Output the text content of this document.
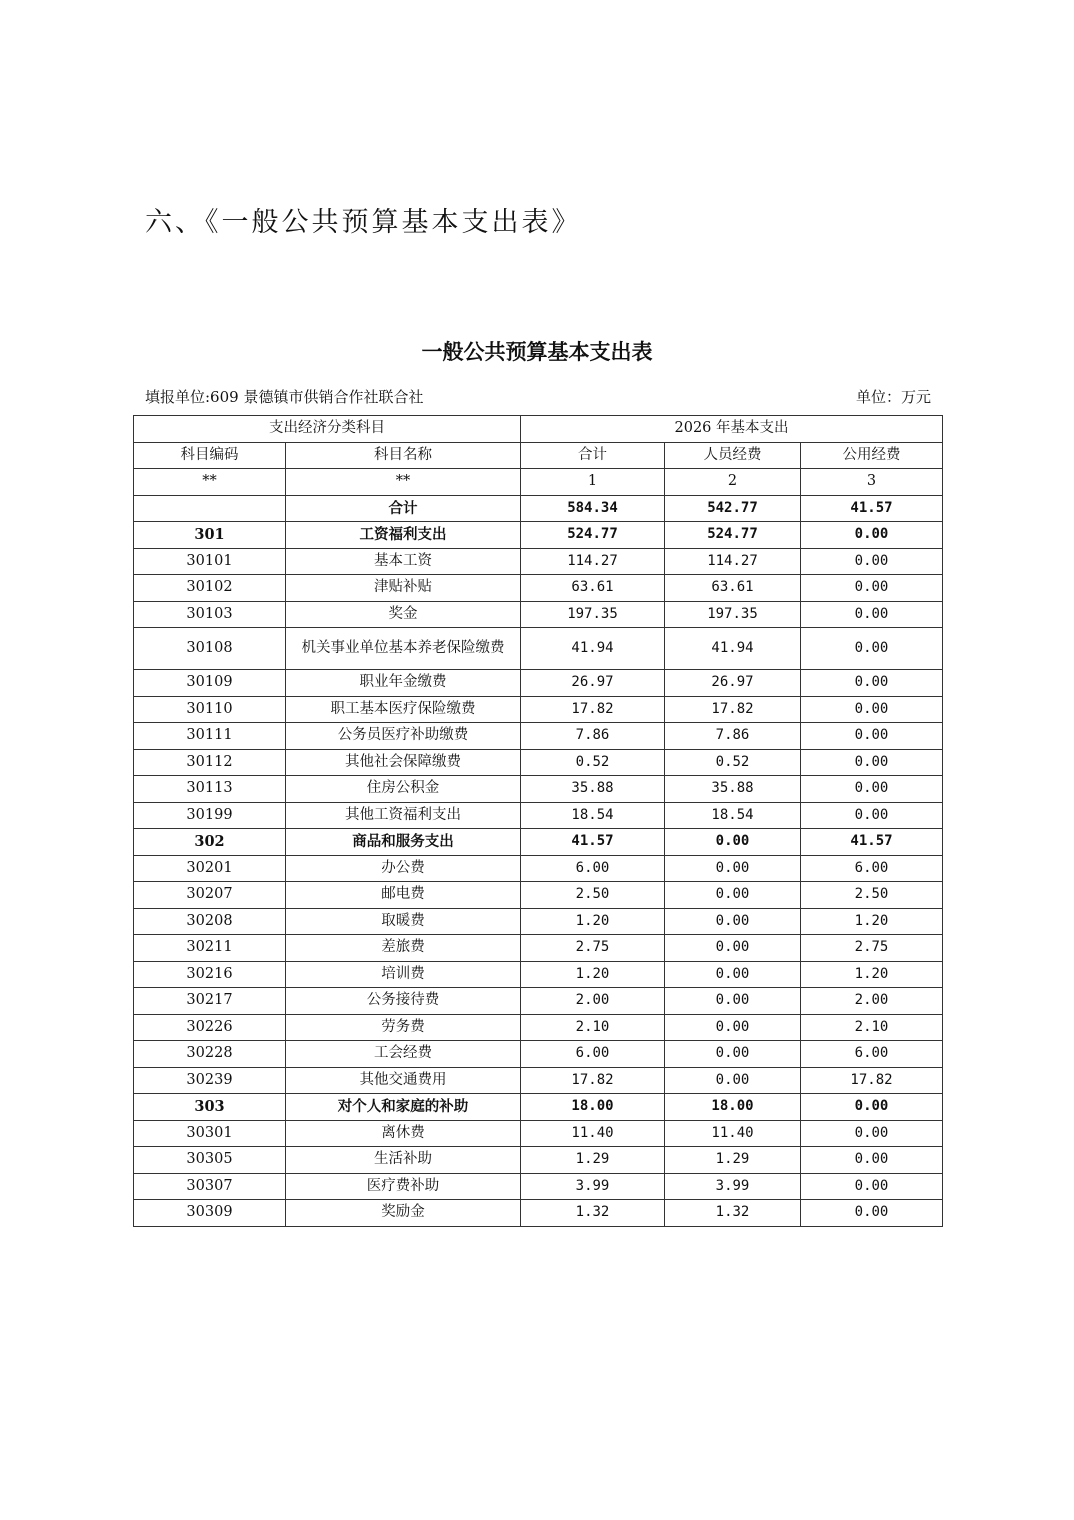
六、《一般公共预算基本支出表》
一般公共预算基本支出表
填报单位:609 景德镇市供销合作社联合社	单位：万元
支出经济分类科目		2026 年基本支出		
科目编码	科目名称	合计	人员经费	公用经费
**	**	1	2	3
	合计	584.34	542.77	41.57
301	工资福利支出	524.77	524.77	0.00
30101	基本工资	114.27	114.27	0.00
30102	津贴补贴	63.61	63.61	0.00
30103	奖金	197.35	197.35	0.00
30108	机关事业单位基本养老保险缴费	41.94	41.94	0.00
30109	职业年金缴费	26.97	26.97	0.00
30110	职工基本医疗保险缴费	17.82	17.82	0.00
30111	公务员医疗补助缴费	7.86	7.86	0.00
30112	其他社会保障缴费	0.52	0.52	0.00
30113	住房公积金	35.88	35.88	0.00
30199	其他工资福利支出	18.54	18.54	0.00
302	商品和服务支出	41.57	0.00	41.57
30201	办公费	6.00	0.00	6.00
30207	邮电费	2.50	0.00	2.50
30208	取暖费	1.20	0.00	1.20
30211	差旅费	2.75	0.00	2.75
30216	培训费	1.20	0.00	1.20
30217	公务接待费	2.00	0.00	2.00
30226	劳务费	2.10	0.00	2.10
30228	工会经费	6.00	0.00	6.00
30239	其他交通费用	17.82	0.00	17.82
303	对个人和家庭的补助	18.00	18.00	0.00
30301	离休费	11.40	11.40	0.00
30305	生活补助	1.29	1.29	0.00
30307	医疗费补助	3.99	3.99	0.00
30309	奖励金	1.32	1.32	0.00
